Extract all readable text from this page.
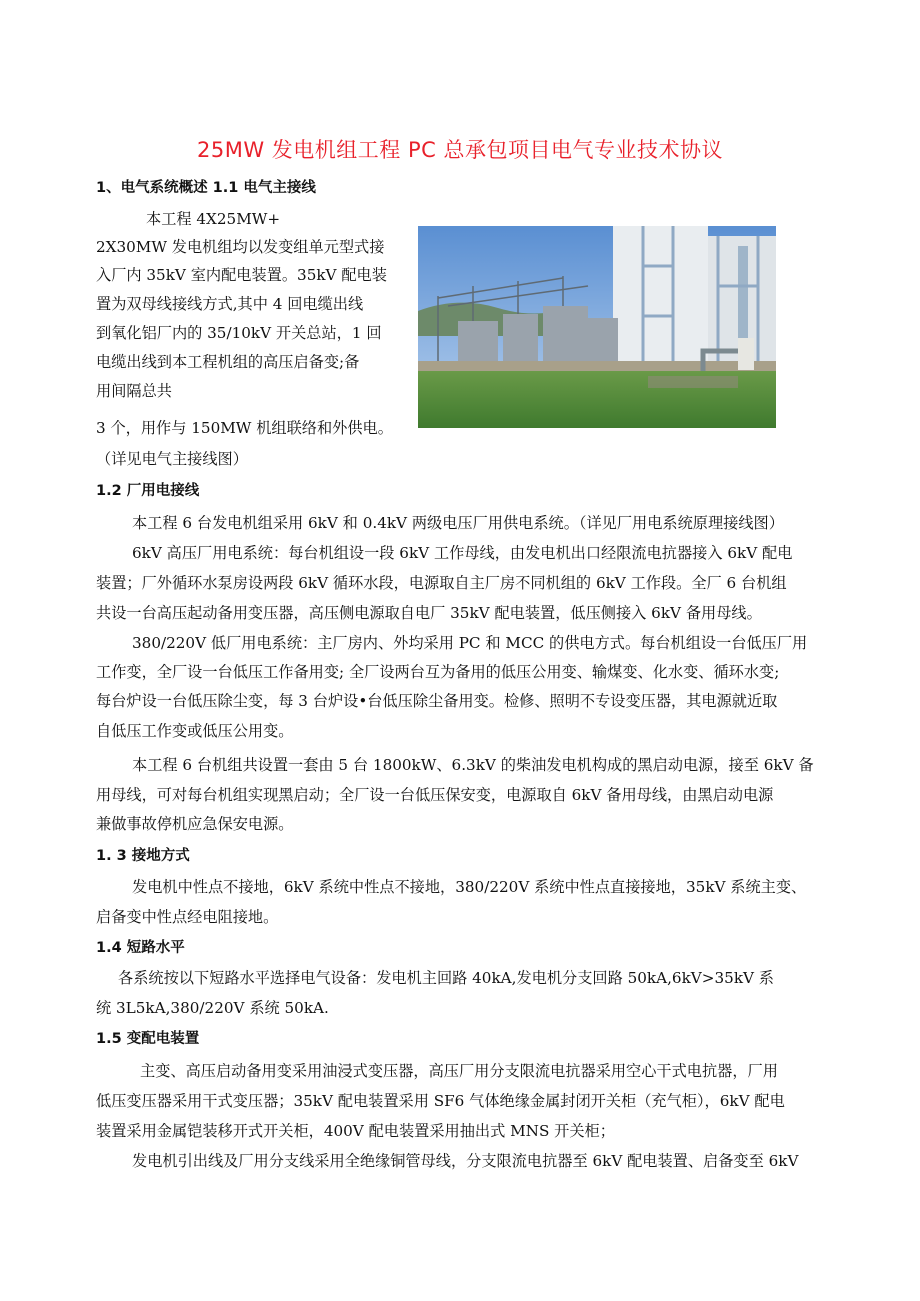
25MW 发电机组工程 PC 总承包项目电气专业技术协议
1、电气系统概述 1.1 电气主接线
本工程 4X25MW+
2X30MW 发电机组均以发变组单元型式接
入厂内 35kV 室内配电装置。35kV 配电装
置为双母线接线方式,其中 4 回电缆出线
到氧化铝厂内的 35/10kV 开关总站，1 回
电缆出线到本工程机组的高压启备变;备
用间隔总共
3 个，用作与 150MW 机组联络和外供电。
（详见电气主接线图）
1.2 厂用电接线
本工程 6 台发电机组采用 6kV 和 0.4kV 两级电压厂用供电系统。（详见厂用电系统原理接线图）
6kV 高压厂用电系统：每台机组设一段 6kV 工作母线，由发电机出口经限流电抗器接入 6kV 配电
装置；厂外循环水泵房设两段 6kV 循环水段，电源取自主厂房不同机组的 6kV 工作段。全厂 6 台机组
共设一台高压起动备用变压器，高压侧电源取自电厂 35kV 配电装置，低压侧接入 6kV 备用母线。
380/220V 低厂用电系统：主厂房内、外均采用 PC 和 MCC 的供电方式。每台机组设一台低压厂用
工作变，全厂设一台低压工作备用变; 全厂设两台互为备用的低压公用变、输煤变、化水变、循环水变;
每台炉设一台低压除尘变，每 3 台炉设•台低压除尘备用变。检修、照明不专设变压器，其电源就近取
自低压工作变或低压公用变。
本工程 6 台机组共设置一套由 5 台 1800kW、6.3kV 的柴油发电机构成的黑启动电源，接至 6kV 备
用母线，可对每台机组实现黑启动；全厂设一台低压保安变，电源取自 6kV 备用母线，由黑启动电源
兼做事故停机应急保安电源。
1. 3 接地方式
发电机中性点不接地，6kV 系统中性点不接地，380/220V 系统中性点直接接地，35kV 系统主变、
启备变中性点经电阻接地。
1.4 短路水平
各系统按以下短路水平选择电气设备：发电机主回路 40kA,发电机分支回路 50kA,6kV>35kV 系
统 3L5kA,380/220V 系统 50kA.
1.5 变配电装置
主变、高压启动备用变采用油浸式变压器，高压厂用分支限流电抗器采用空心干式电抗器，厂用
低压变压器采用干式变压器；35kV 配电装置采用 SF6 气体绝缘金属封闭开关柜（充气柜），6kV 配电
装置采用金属铠装移开式开关柜，400V 配电装置采用抽出式 MNS 开关柜；
发电机引出线及厂用分支线采用全绝缘铜管母线，分支限流电抗器至 6kV 配电装置、启备变至 6kV
